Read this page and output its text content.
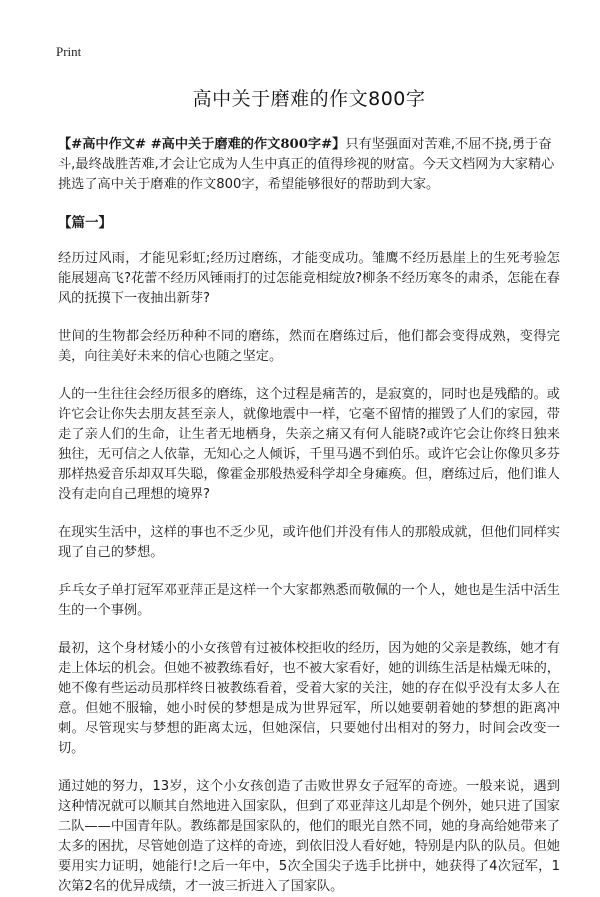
Print
高中关于磨难的作文800字

【#高中作文# #高中关于磨难的作文800字#】只有坚强面对苦难,不屈不挠,勇于奋斗,最终战胜苦难,才会让它成为人生中真正的值得珍视的财富。今天文档网为大家精心挑选了高中关于磨难的作文800字，希望能够很好的帮助到大家。

【篇一】

经历过风雨，才能见彩虹;经历过磨练，才能变成功。雏鹰不经历悬崖上的生死考验怎能展翅高飞?花蕾不经历风锤雨打的过怎能竟相绽放?柳条不经历寒冬的肃杀，怎能在春风的抚摸下一夜抽出新芽?

世间的生物都会经历种种不同的磨练，然而在磨练过后，他们都会变得成熟，变得完美，向往美好未来的信心也随之坚定。

人的一生往往会经历很多的磨练，这个过程是痛苦的，是寂寞的，同时也是残酷的。或许它会让你失去朋友甚至亲人，就像地震中一样，它毫不留情的摧毁了人们的家园，带走了亲人们的生命，让生者无地栖身，失亲之痛又有何人能晓?或许它会让你终日独来独往，无可信之人依靠，无知心之人倾诉，千里马遇不到伯乐。或许它会让你像贝多芬那样热爱音乐却双耳失聪，像霍金那般热爱科学却全身瘫痪。但，磨练过后，他们谁人没有走向自己理想的境界?

在现实生活中，这样的事也不乏少见，或许他们并没有伟人的那般成就，但他们同样实现了自己的梦想。

乒乓女子单打冠军邓亚萍正是这样一个大家都熟悉而敬佩的一个人，她也是生活中活生生的一个事例。

最初，这个身材矮小的小女孩曾有过被体校拒收的经历，因为她的父亲是教练，她才有走上体坛的机会。但她不被教练看好，也不被大家看好，她的训练生活是枯燥无味的，她不像有些运动员那样终日被教练看着，受着大家的关注，她的存在似乎没有太多人在意。但她不服输，她小时侯的梦想是成为世界冠军，所以她要朝着她的梦想的距离冲刺。尽管现实与梦想的距离太远，但她深信，只要她付出相对的努力，时间会改变一切。

通过她的努力，13岁，这个小女孩创造了击败世界女子冠军的奇迹。一般来说，遇到这种情况就可以顺其自然地进入国家队，但到了邓亚萍这儿却是个例外，她只进了国家二队——中国青年队。教练都是国家队的，他们的眼光自然不同，她的身高给她带来了太多的困扰，尽管她创造了这样的奇迹，到依旧没人看好她，特别是内队的队员。但她要用实力证明，她能行!之后一年中，5次全国尖子选手比拼中，她获得了4次冠军，1次第2名的优异成绩，才一波三折进入了国家队。
